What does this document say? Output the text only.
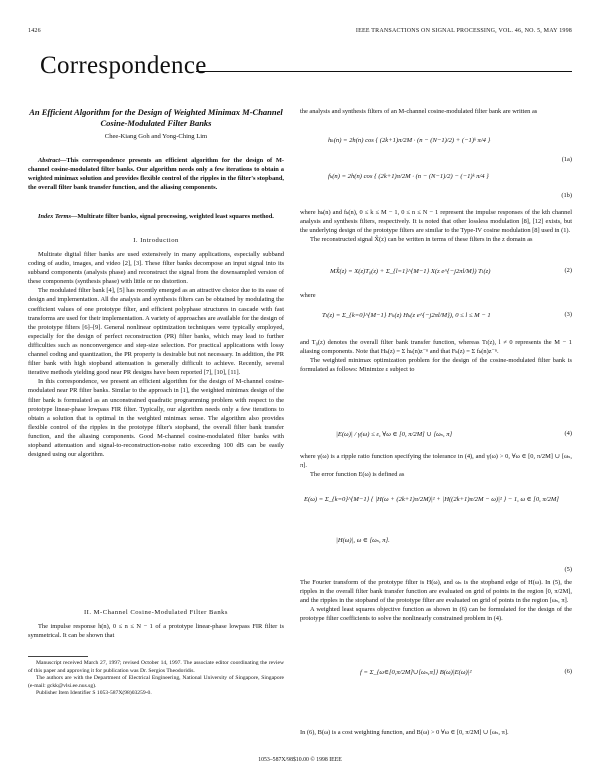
1426	IEEE TRANSACTIONS ON SIGNAL PROCESSING, VOL. 46, NO. 5, MAY 1998
Correspondence
An Efficient Algorithm for the Design of Weighted Minimax M-Channel Cosine-Modulated Filter Banks
Chee-Kiang Goh and Yong-Ching Lim

Abstract—This correspondence presents an efficient algorithm for the design of M-channel cosine-modulated filter banks. Our algorithm needs only a few iterations to obtain a weighted minimax solution and provides flexible control of the ripples in the filter's stopband, the overall filter bank transfer function, and the aliasing components.

Index Terms—Multirate filter banks, signal processing, weighted least squares method.

I. Introduction

Multirate digital filter banks are used extensively in many applications, especially subband coding of audio, images, and video [2], [3]. These filter banks decompose an input signal into its subband components (analysis phase) and reconstruct the signal from the downsampled version of these components (synthesis phase) with little or no distortion.

The modulated filter bank [4], [5] has recently emerged as an attractive choice due to its ease of design and implementation. All the analysis and synthesis filters can be obtained by modulating the coefficient values of one prototype filter, and efficient polyphase structures in cascade with fast transforms are used for their implementation. A variety of approaches are available for the design of the prototype filters [6]–[9]. General nonlinear optimization techniques were typically employed, especially for the design of perfect reconstruction (PR) filter banks, which may lead to further difficulties such as nonconvergence and step-size selection. For practical applications with lossy channel coding and quantization, the PR property is desirable but not necessary. In addition, the PR filter bank with high stopband attenuation is generally difficult to achieve. Recently, several iterative methods yielding good near PR designs have been reported [7], [10], [11].

In this correspondence, we present an efficient algorithm for the design of M-channel cosine-modulated near PR filter banks. Similar to the approach in [1], the weighted minimax design of the filter bank is formulated as an unconstrained quadratic programming problem with respect to the prototype linear-phase lowpass FIR filter. Typically, our algorithm needs only a few iterations to obtain a solution that is optimal in the weighted minimax sense. The algorithm also provides flexible control of the ripples in the prototype filter's stopband, the overall filter bank transfer function, and the aliasing components. Good M-channel cosine-modulated filter banks with stopband attenuation and signal-to-reconstruction-noise ratio exceeding 100 dB can be easily designed using our algorithm.

II. M-Channel Cosine-Modulated Filter Banks

The impulse response h(n), 0 ≤ n ≤ N − 1 of a prototype linear-phase lowpass FIR filter is symmetrical. It can be shown that

Manuscript received March 27, 1997; revised October 14, 1997. The associate editor coordinating the review of this paper and approving it for publication was Dr. Sergios Theodoridis.

The authors are with the Department of Electrical Engineering, National University of Singapore, Singapore (e-mail: gckk@vlsi.ee.nus.sg).

Publisher Item Identifier S 1053-587X(98)03259-0.

the analysis and synthesis filters of an M-channel cosine-modulated filter bank are written as

hₖ(n) = 2h(n) cos { (2k+1)π/2M · (n − (N−1)/2) + (−1)ᵏ π/4 }
(1a)
fₖ(n) = 2h(n) cos { (2k+1)π/2M · (n − (N−1)/2) − (−1)ᵏ π/4 }
(1b)

where hₖ(n) and fₖ(n), 0 ≤ k ≤ M − 1, 0 ≤ n ≤ N − 1 represent the impulse responses of the kth channel analysis and synthesis filters, respectively. It is noted that other lossless modulation [8], [12] exists, but the underlying design of the prototype filters are similar to the Type-IV cosine modulation [8] used in (1).

The reconstructed signal X̂(z) can be written in terms of these filters in the z domain as

MX̂(z) = X(z)T₀(z) + Σ_{l=1}^{M−1} X(z e^{−j2πl/M}) Tₗ(z)	(2)
where
Tₗ(z) = Σ_{k=0}^{M−1} Fₖ(z) Hₖ(z e^{−j2πl/M}), 0 ≤ l ≤ M − 1	(3)

and T₀(z) denotes the overall filter bank transfer function, whereas Tₗ(z), l ≠ 0 represents the M − 1 aliasing components. Note that Hₖ(z) = Σ hₖ(n)z⁻ⁿ and that Fₖ(z) = Σ fₖ(n)z⁻ⁿ.

The weighted minimax optimization problem for the design of the cosine-modulated filter bank is formulated as follows: Minimize ε subject to

|E(ω)| / γ(ω) ≤ ε, ∀ω ∈ [0, π/2M] ∪ [ωₛ, π]	(4)

where γ(ω) is a ripple ratio function specifying the tolerance in (4), and γ(ω) > 0, ∀ω ∈ [0, π/2M] ∪ [ωₛ, π].

The error function E(ω) is defined as

E(ω) = Σ_{k=0}^{M−1} { |H(ω + (2k+1)π/2M)|² + |H((2k+1)π/2M − ω)|² } − 1, ω ∈ [0, π/2M]
|H(ω)|, ω ∈ [ωₛ, π].
(5)

The Fourier transform of the prototype filter is H(ω), and ωₛ is the stopband edge of H(ω). In (5), the ripples in the overall filter bank transfer function are evaluated on grid of points in the region [0, π/2M], and the ripples in the stopband of the prototype filter are evaluated on grid of points in the region [ωₛ, π].

A weighted least squares objective function as shown in (6) can be formulated for the design of the prototype filter coefficients to solve the nonlinearly constrained problem in (4).

f = Σ_{ω∈[0,π/2M]∪[ωₛ,π]} B(ω)|E(ω)|²	(6)

In (6), B(ω) is a cost weighting function, and B(ω) > 0 ∀ω ∈ [0, π/2M] ∪ [ωₛ, π].

1053–587X/98$10.00 © 1998 IEEE
